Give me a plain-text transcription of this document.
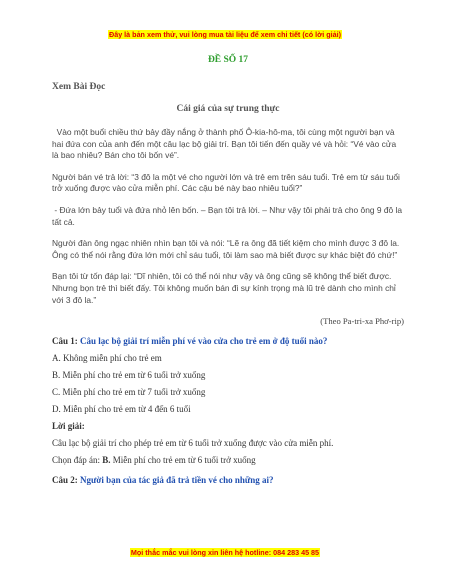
Đây là bản xem thử, vui lòng mua tài liệu để xem chi tiết (có lời giải)
ĐỀ SỐ 17
Xem Bài Đọc
Cái giá của sự trung thực
Vào một buổi chiều thứ bảy đầy nắng ở thành phố Ô-kia-hô-ma, tôi cùng một người bạn và hai đứa con của anh đến một câu lạc bộ giải trí. Bạn tôi tiến đến quầy vé và hỏi: “Vé vào cửa là bao nhiêu? Bán cho tôi bốn vé”.
Người bán vé trả lời: “3 đô la một vé cho người lớn và trẻ em trên sáu tuổi. Trẻ em từ sáu tuổi trở xuống được vào cửa miễn phí. Các cậu bé này bao nhiêu tuổi?”
- Đứa lớn bảy tuổi và đứa nhỏ lên bốn. – Bạn tôi trả lời. – Như vậy tôi phải trả cho ông 9 đô la tất cả.
Người đàn ông ngạc nhiên nhìn bạn tôi và nói: “Lẽ ra ông đã tiết kiệm cho mình được 3 đô la. Ông có thể nói rằng đứa lớn mới chỉ sáu tuổi, tôi làm sao mà biết được sự khác biệt đó chứ!”
Bạn tôi từ tốn đáp lại: “Dĩ nhiên, tôi có thể nói như vậy và ông cũng sẽ không thể biết được. Nhưng bọn trẻ thì biết đấy. Tôi không muốn bán đi sự kính trọng mà lũ trẻ dành cho mình chỉ với 3 đô la.”
(Theo Pa-tri-xa Phơ-rip)
Câu 1: Câu lạc bộ giải trí miễn phí vé vào cửa cho trẻ em ở độ tuổi nào?
A. Không miễn phí cho trẻ em
B. Miễn phí cho trẻ em từ 6 tuổi trở xuống
C. Miễn phí cho trẻ em từ 7 tuổi trở xuống
D. Miễn phí cho trẻ em từ 4 đến 6 tuổi
Lời giải:
Câu lạc bộ giải trí cho phép trẻ em từ 6 tuổi trở xuống được vào cửa miễn phí.
Chọn đáp án: B. Miễn phí cho trẻ em từ 6 tuổi trở xuống
Câu 2: Người bạn của tác giả đã trả tiền vé cho những ai?
Mọi thắc mắc vui lòng xin liên hệ hotline: 084 283 45 85
